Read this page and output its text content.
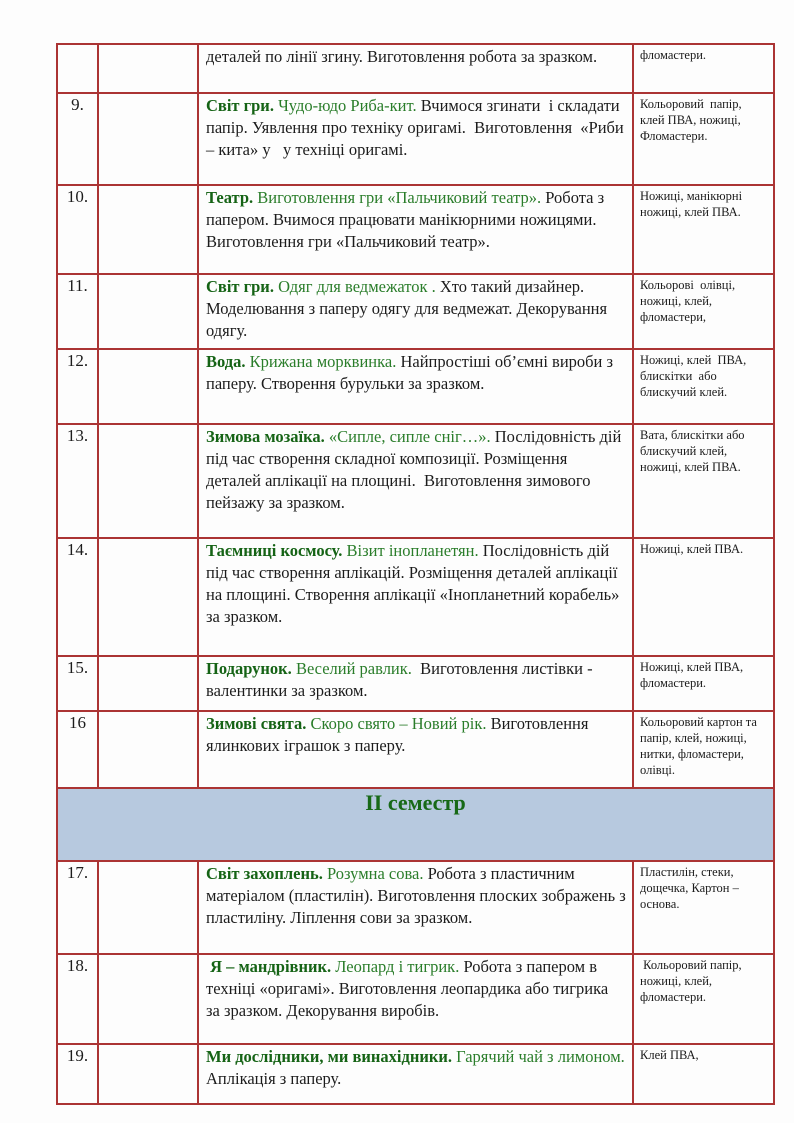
		деталей по лінії згину. Виготовлення робота за зразком.	фломастери.
9.		Світ гри. Чудо-юдо Риба-кит. Вчимося згинати  і складати папір. Уявлення про техніку оригамі.  Виготовлення  «Риби – кита» у   у техніці оригамі.	Кольоровий  папір, клей ПВА, ножиці, Фломастери.
10.		Театр. Виготовлення гри «Пальчиковий театр». Робота з папером. Вчимося працювати манікюрними ножицями. Виготовлення гри «Пальчиковий театр».	Ножиці, манікюрні ножиці, клей ПВА.
11.		Світ гри. Одяг для ведмежаток . Хто такий дизайнер. Моделювання з паперу одягу для ведмежат. Декорування одягу.	Кольорові  олівці, ножиці, клей, фломастери,
12.		Вода. Крижана морквинка. Найпростіші об’ємні вироби з паперу. Створення бурульки за зразком.	Ножиці, клей  ПВА, блискітки  або блискучий клей.
13.		Зимова мозаїка. «Сипле, сипле сніг…». Послідовність дій під час створення складної композиції. Розміщення деталей аплікації на площині.  Виготовлення зимового пейзажу за зразком.	Вата, блискітки або блискучий клей, ножиці, клей ПВА.
14.		Таємниці космосу. Візит інопланетян. Послідовність дій під час створення аплікацій. Розміщення деталей аплікації на площині. Створення аплікації «Інопланетний корабель» за зразком.	Ножиці, клей ПВА.
15.		Подарунок. Веселий равлик.  Виготовлення листівки - валентинки за зразком.	Ножиці, клей ПВА, фломастери.
16		Зимові свята. Скоро свято – Новий рік. Виготовлення ялинкових іграшок з паперу.	Кольоровий картон та папір, клей, ножиці, нитки, фломастери, олівці.
ІІ семестр			
17.		Світ захоплень. Розумна сова. Робота з пластичним матеріалом (пластилін). Виготовлення плоских зображень з пластиліну. Ліплення сови за зразком.	Пластилін, стеки, дощечка, Картон – основа.
18.		Я – мандрівник. Леопард і тигрик. Робота з папером в техніці «оригамі». Виготовлення леопардика або тигрика  за зразком. Декорування виробів.	Кольоровий папір, ножиці, клей, фломастери.
19.		Ми дослідники, ми винахідники. Гарячий чай з лимоном. Аплікація з паперу.	Клей ПВА,
